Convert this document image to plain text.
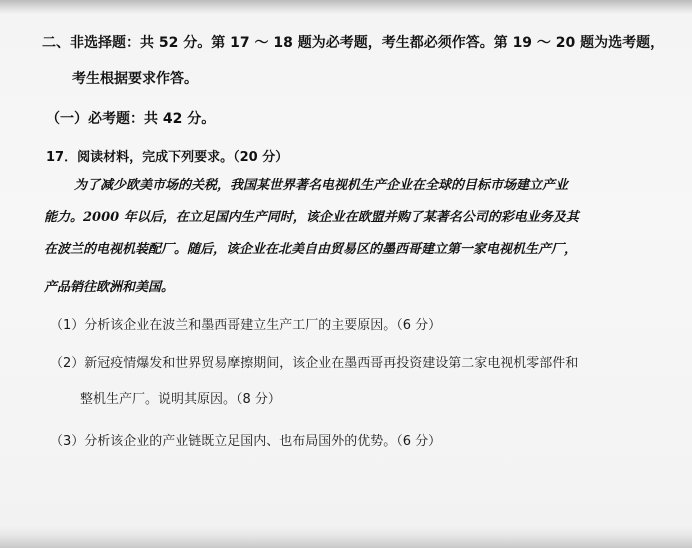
二、非选择题：共 52 分。第 17 ～ 18 题为必考题，考生都必须作答。第 19 ～ 20 题为选考题，
考生根据要求作答。
（一）必考题：共 42 分。
17．阅读材料，完成下列要求。（20 分）
为了减少欧美市场的关税，我国某世界著名电视机生产企业在全球的目标市场建立产业
能力。2000 年以后，在立足国内生产同时，该企业在欧盟并购了某著名公司的彩电业务及其
在波兰的电视机装配厂。随后，该企业在北美自由贸易区的墨西哥建立第一家电视机生产厂，
产品销往欧洲和美国。
（1）分析该企业在波兰和墨西哥建立生产工厂的主要原因。（6 分）
（2）新冠疫情爆发和世界贸易摩擦期间，该企业在墨西哥再投资建设第二家电视机零部件和
整机生产厂。说明其原因。（8 分）
（3）分析该企业的产业链既立足国内、也布局国外的优势。（6 分）
